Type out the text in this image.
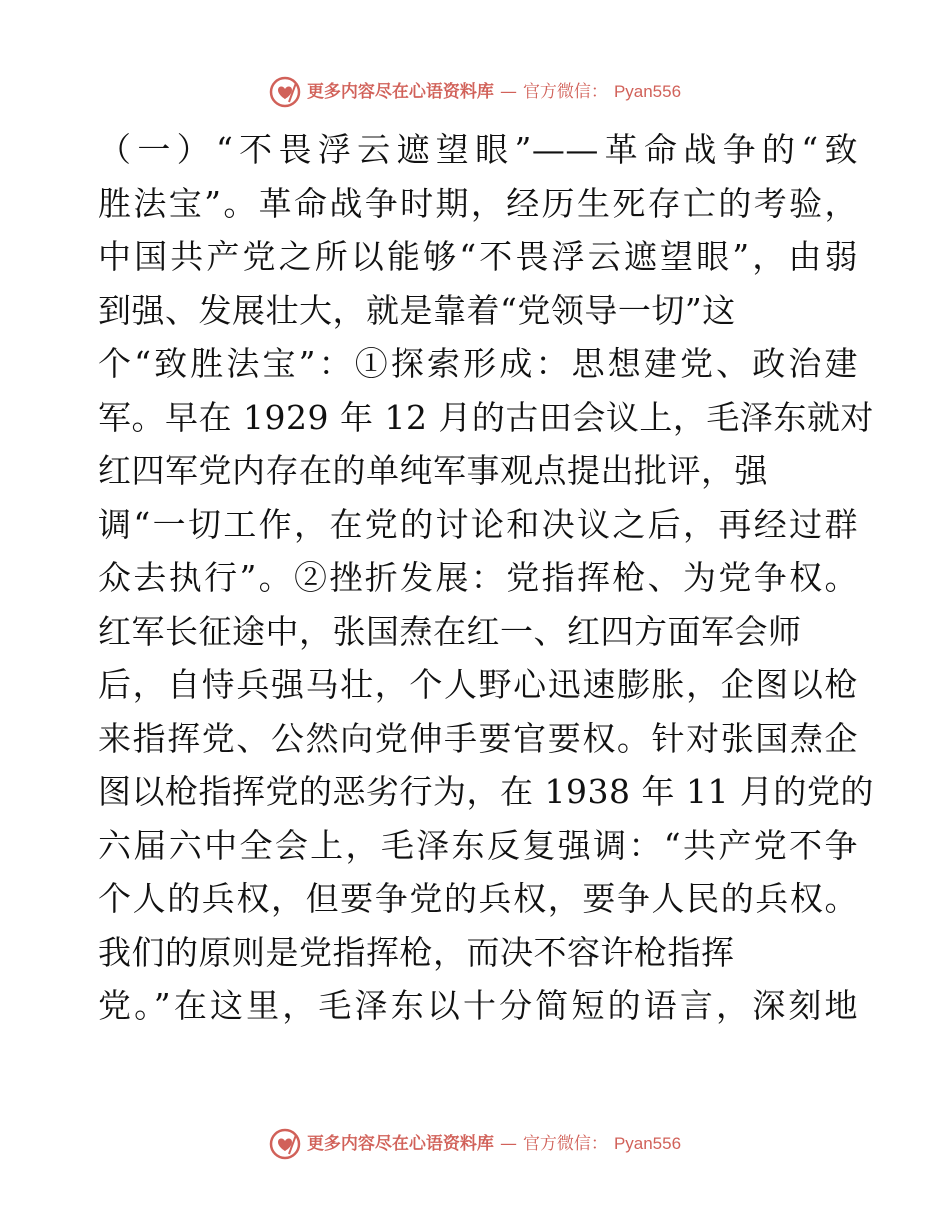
更多内容尽在心语资料库 — 官方微信： Pyan556
（一）“不畏浮云遮望眼”——革命战争的“致
胜法宝”。革命战争时期，经历生死存亡的考验，
中国共产党之所以能够“不畏浮云遮望眼”，由弱
到强、发展壮大，就是靠着“党领导一切”这
个“致胜法宝”：①探索形成：思想建党、政治建
军。早在 1929 年 12 月的古田会议上，毛泽东就对
红四军党内存在的单纯军事观点提出批评，强
调“一切工作，在党的讨论和决议之后，再经过群
众去执行”。②挫折发展：党指挥枪、为党争权。
红军长征途中，张国焘在红一、红四方面军会师
后，自恃兵强马壮，个人野心迅速膨胀，企图以枪
来指挥党、公然向党伸手要官要权。针对张国焘企
图以枪指挥党的恶劣行为，在 1938 年 11 月的党的
六届六中全会上，毛泽东反复强调：“共产党不争
个人的兵权，但要争党的兵权，要争人民的兵权。
我们的原则是党指挥枪，而决不容许枪指挥
党。”在这里，毛泽东以十分简短的语言，深刻地
更多内容尽在心语资料库 — 官方微信： Pyan556
